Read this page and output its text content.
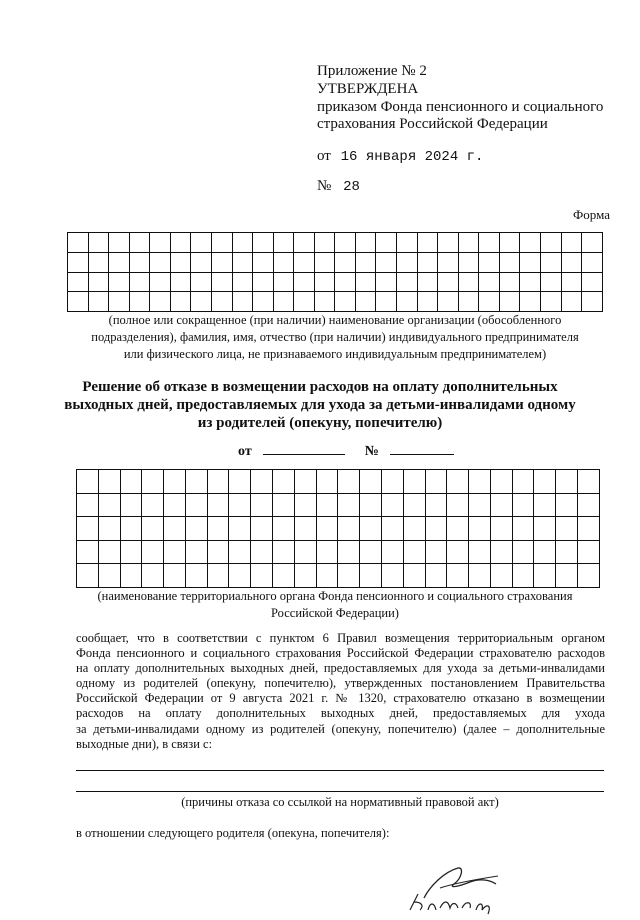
Приложение № 2
УТВЕРЖДЕНА
приказом Фонда пенсионного и социального
страхования Российской Федерации
от 16 января 2024 г.
№ 28
Форма

(полное или сокращенное (при наличии) наименование организации (обособленного
подразделения), фамилия, имя, отчество (при наличии) индивидуального предпринимателя
или физического лица, не признаваемого индивидуальным предпринимателем)
Решение об отказе в возмещении расходов на оплату дополнительных
выходных дней, предоставляемых для ухода за детьми-инвалидами одному
из родителей (опекуну, попечителю)
от	№

(наименование территориального органа Фонда пенсионного и социального страхования
Российской Федерации)
сообщает, что в соответствии с пунктом 6 Правил возмещения территориальным органом
Фонда пенсионного и социального страхования Российской Федерации страхователю расходов
на оплату дополнительных выходных дней, предоставляемых для ухода за детьми-инвалидами
одному из родителей (опекуну, попечителю), утвержденных постановлением Правительства
Российской Федерации от 9 августа 2021 г. № 1320, страхователю отказано в возмещении
расходов на оплату дополнительных выходных дней, предоставляемых для ухода
за детьми-инвалидами одному из родителей (опекуну, попечителю) (далее – дополнительные
выходные дни), в связи с:
(причины отказа со ссылкой на нормативный правовой акт)
в отношении следующего родителя (опекуна, попечителя):
